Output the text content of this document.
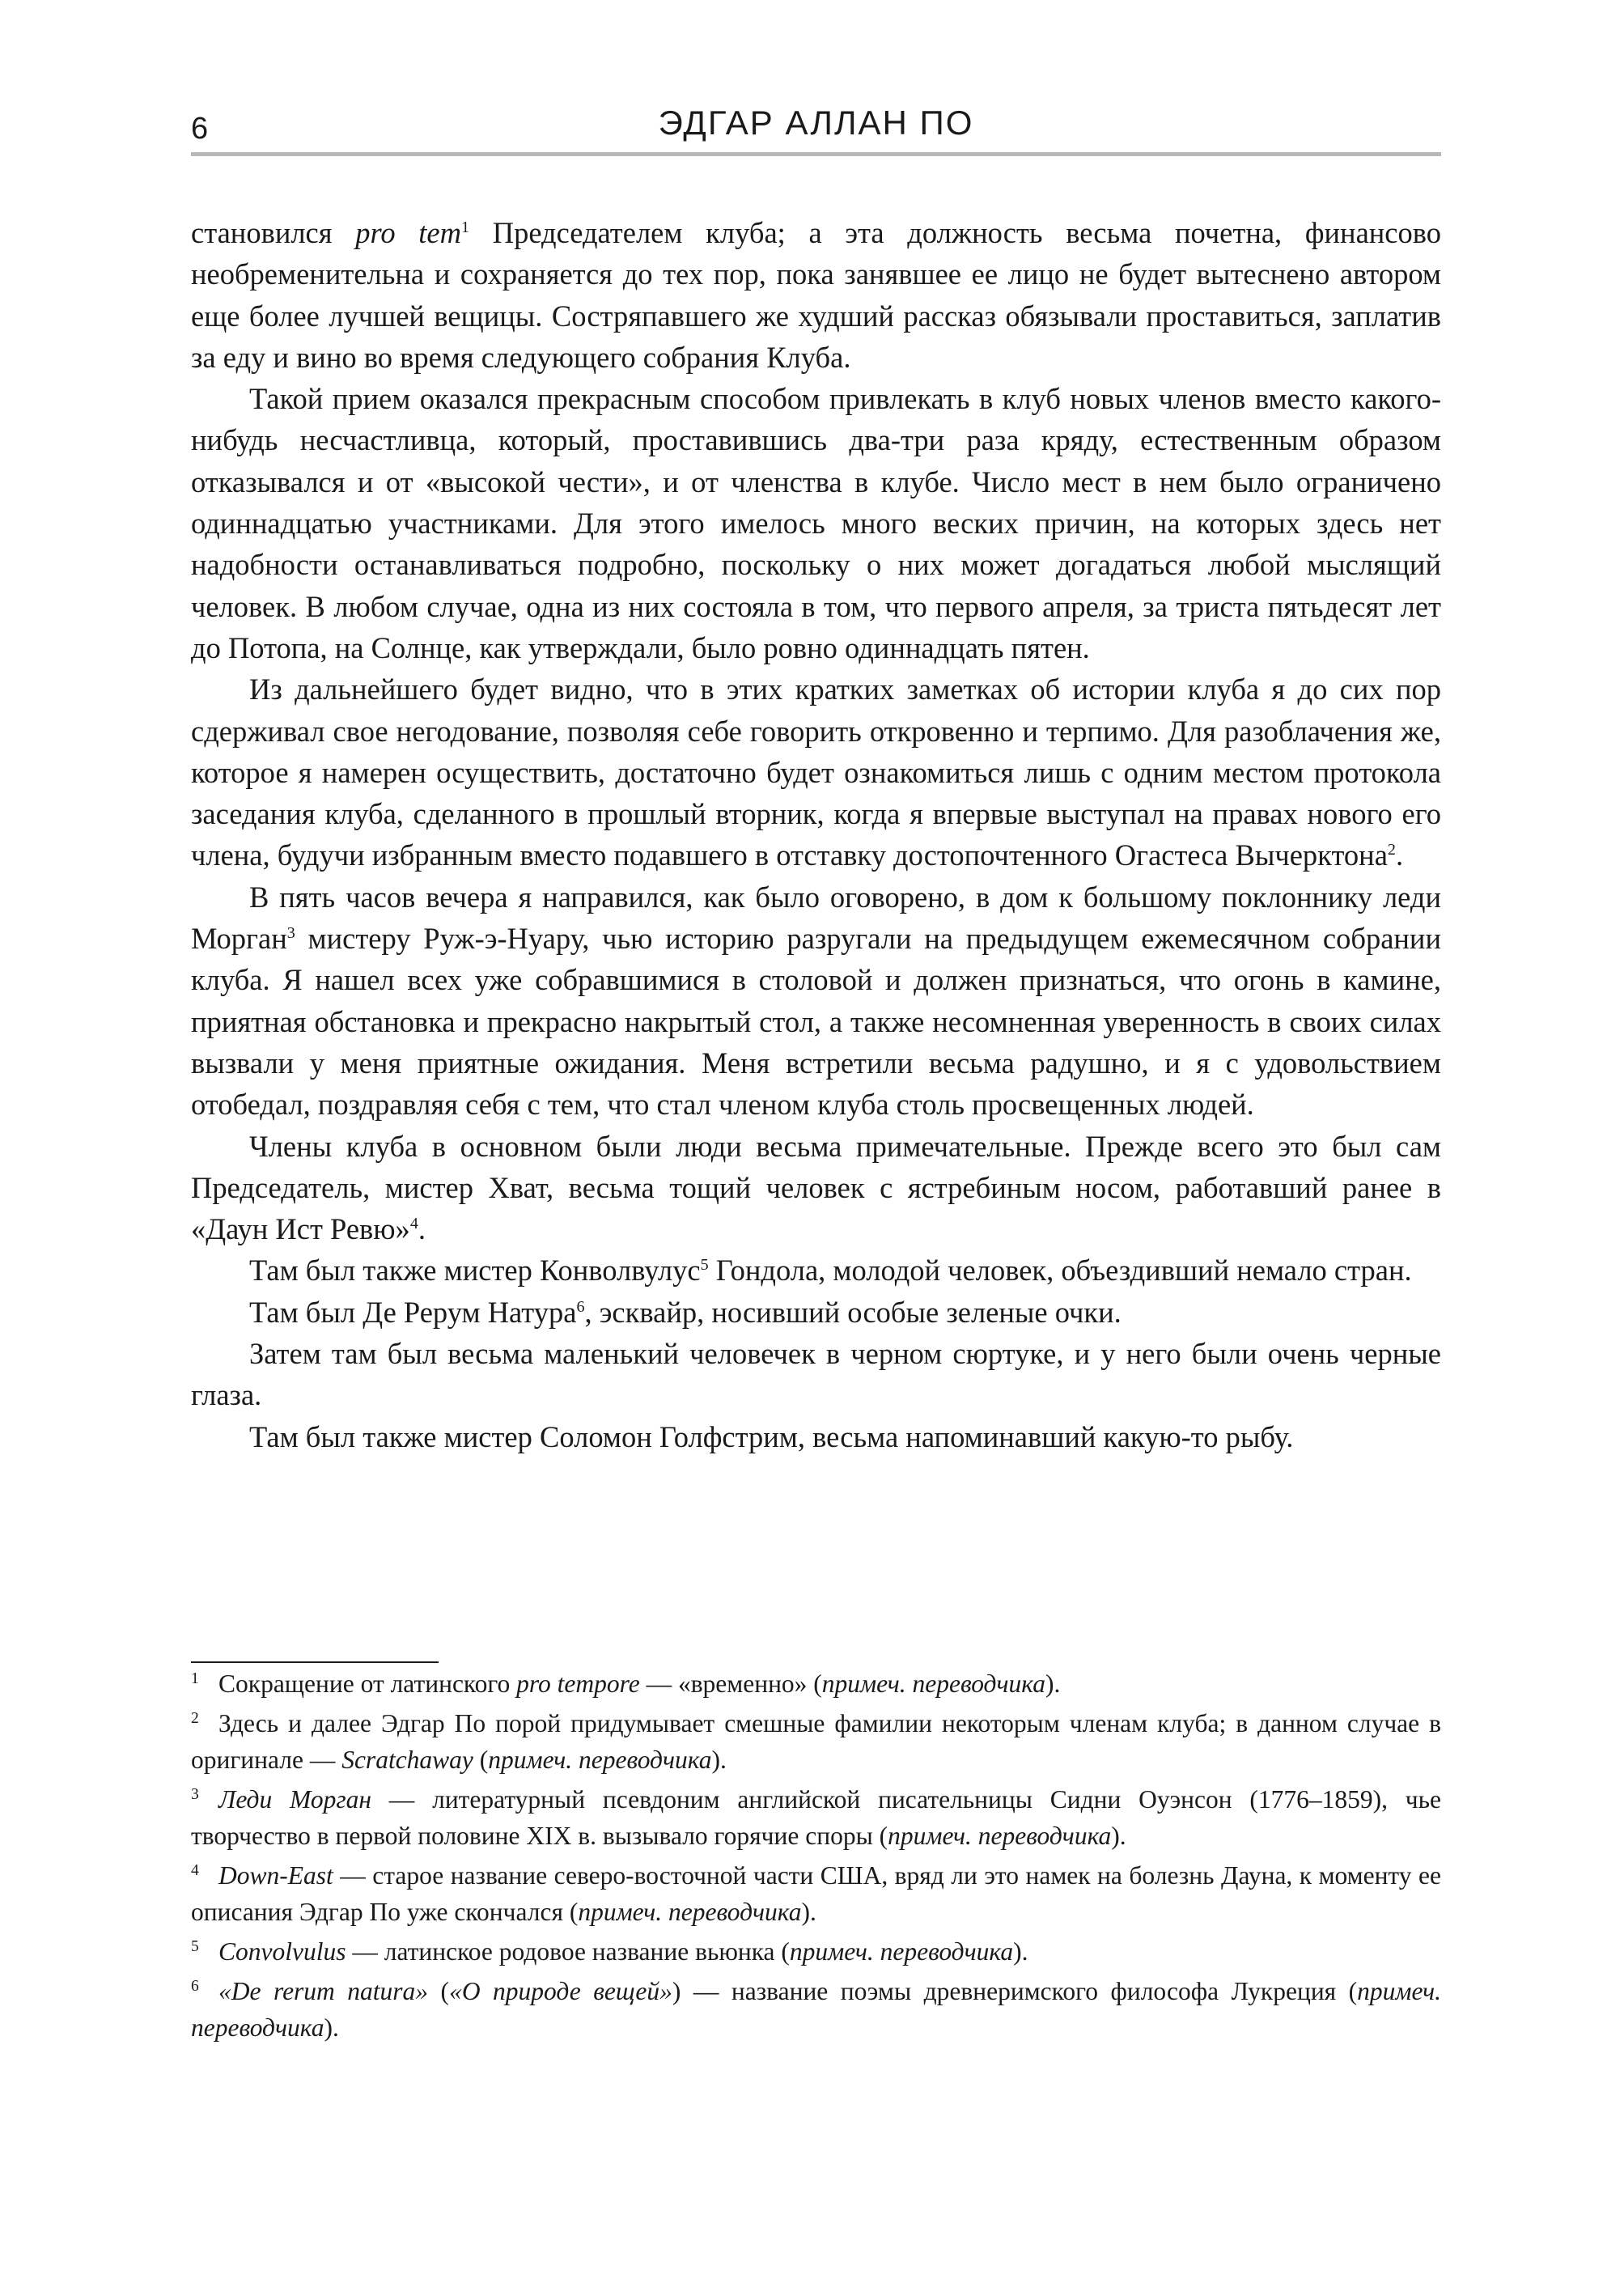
6	ЭДГАР АЛЛАН ПО

становился pro tem$^1$ Председателем клуба; а эта должность весьма почетна, финансово необременительна и сохраняется до тех пор, пока занявшее ее лицо не будет вытеснено автором еще более лучшей вещицы. Состряпавшего же худший рассказ обязывали проставиться, заплатив за еду и вино во время следующего собрания Клуба.

Такой прием оказался прекрасным способом привлекать в клуб новых членов вместо какого-нибудь несчастливца, который, проставившись два-три раза кряду, естественным образом отказывался и от «высокой чести», и от членства в клубе. Число мест в нем было ограничено одиннадцатью участниками. Для этого имелось много веских причин, на которых здесь нет надобности останавливаться подробно, поскольку о них может догадаться любой мыслящий человек. В любом случае, одна из них состояла в том, что первого апреля, за триста пятьдесят лет до Потопа, на Солнце, как утверждали, было ровно одиннадцать пятен.

Из дальнейшего будет видно, что в этих кратких заметках об истории клуба я до сих пор сдерживал свое негодование, позволяя себе говорить откровенно и терпимо. Для разоблачения же, которое я намерен осуществить, достаточно будет ознакомиться лишь с одним местом протокола заседания клуба, сделанного в прошлый вторник, когда я впервые выступал на правах нового его члена, будучи избранным вместо подавшего в отставку достопочтенного Огастеса Вычерктона$^2$.

В пять часов вечера я направился, как было оговорено, в дом к большому поклоннику леди Морган$^3$ мистеру Руж-э-Нуару, чью историю разругали на предыдущем ежемесячном собрании клуба. Я нашел всех уже собравшимися в столовой и должен признаться, что огонь в камине, приятная обстановка и прекрасно накрытый стол, а также несомненная уверенность в своих силах вызвали у меня приятные ожидания. Меня встретили весьма радушно, и я с удовольствием отобедал, поздравляя себя с тем, что стал членом клуба столь просвещенных людей.

Члены клуба в основном были люди весьма примечательные. Прежде всего это был сам Председатель, мистер Хват, весьма тощий человек с ястребиным носом, работавший ранее в «Даун Ист Ревю»$^4$.

Там был также мистер Конволвулус$^5$ Гондола, молодой человек, объездивший немало стран.

Там был Де Рерум Натура$^6$, эсквайр, носивший особые зеленые очки.

Затем там был весьма маленький человечек в черном сюртуке, и у него были очень черные глаза.

Там был также мистер Соломон Голфстрим, весьма напоминавший какую-то рыбу.

1 Сокращение от латинского pro tempore — «временно» (примеч. переводчика).

2 Здесь и далее Эдгар По порой придумывает смешные фамилии некоторым членам клуба; в данном случае в оригинале — Scratchaway (примеч. переводчика).

3 Леди Морган — литературный псевдоним английской писательницы Сидни Оуэнсон (1776–1859), чье творчество в первой половине XIX в. вызывало горячие споры (примеч. переводчика).

4 Down-East — старое название северо-восточной части США, вряд ли это намек на болезнь Дауна, к моменту ее описания Эдгар По уже скончался (примеч. переводчика).

5 Convolvulus — латинское родовое название вьюнка (примеч. переводчика).

6 «De rerum natura» («О природе вещей») — название поэмы древнеримского философа Лукреция (примеч. переводчика).
